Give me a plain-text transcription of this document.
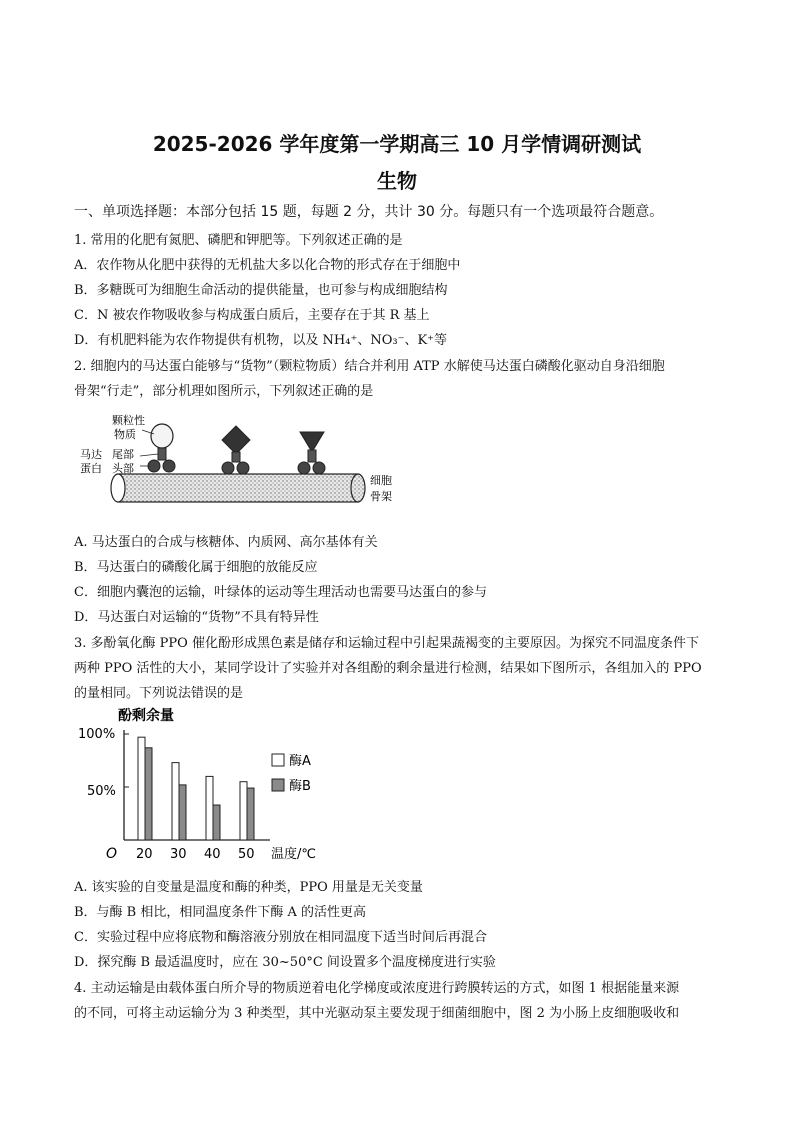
2025-2026 学年度第一学期高三 10 月学情调研测试
生物
一、单项选择题：本部分包括 15 题，每题 2 分，共计 30 分。每题只有一个选项最符合题意。
1. 常用的化肥有氮肥、磷肥和钾肥等。下列叙述正确的是
A．农作物从化肥中获得的无机盐大多以化合物的形式存在于细胞中
B．多糖既可为细胞生命活动的提供能量，也可参与构成细胞结构
C．N 被农作物吸收参与构成蛋白质后，主要存在于其 R 基上
D．有机肥料能为农作物提供有机物，以及 NH₄⁺、NO₃⁻、K⁺等
2. 细胞内的马达蛋白能够与“货物”（颗粒物质）结合并利用 ATP 水解使马达蛋白磷酸化驱动自身沿细胞
骨架“行走”，部分机理如图所示，下列叙述正确的是
颗粒性
物质
马达
蛋白
尾部
头部
细胞
骨架
A. 马达蛋白的合成与核糖体、内质网、高尔基体有关
B．马达蛋白的磷酸化属于细胞的放能反应
C．细胞内囊泡的运输，叶绿体的运动等生理活动也需要马达蛋白的参与
D．马达蛋白对运输的“货物”不具有特异性
3. 多酚氧化酶 PPO 催化酚形成黑色素是储存和运输过程中引起果蔬褐变的主要原因。为探究不同温度条件下
两种 PPO 活性的大小，某同学设计了实验并对各组酚的剩余量进行检测，结果如下图所示，各组加入的 PPO
的量相同。下列说法错误的是
酚剩余量
O	温度/℃
100%
50%
酶A
酶B
20 30 40 50
A. 该实验的自变量是温度和酶的种类，PPO 用量是无关变量
B．与酶 B 相比，相同温度条件下酶 A 的活性更高
C．实验过程中应将底物和酶溶液分别放在相同温度下适当时间后再混合
D．探究酶 B 最适温度时，应在 30~50°C 间设置多个温度梯度进行实验
4. 主动运输是由载体蛋白所介导的物质逆着电化学梯度或浓度进行跨膜转运的方式，如图 1 根据能量来源
的不同，可将主动运输分为 3 种类型，其中光驱动泵主要发现于细菌细胞中，图 2 为小肠上皮细胞吸收和
